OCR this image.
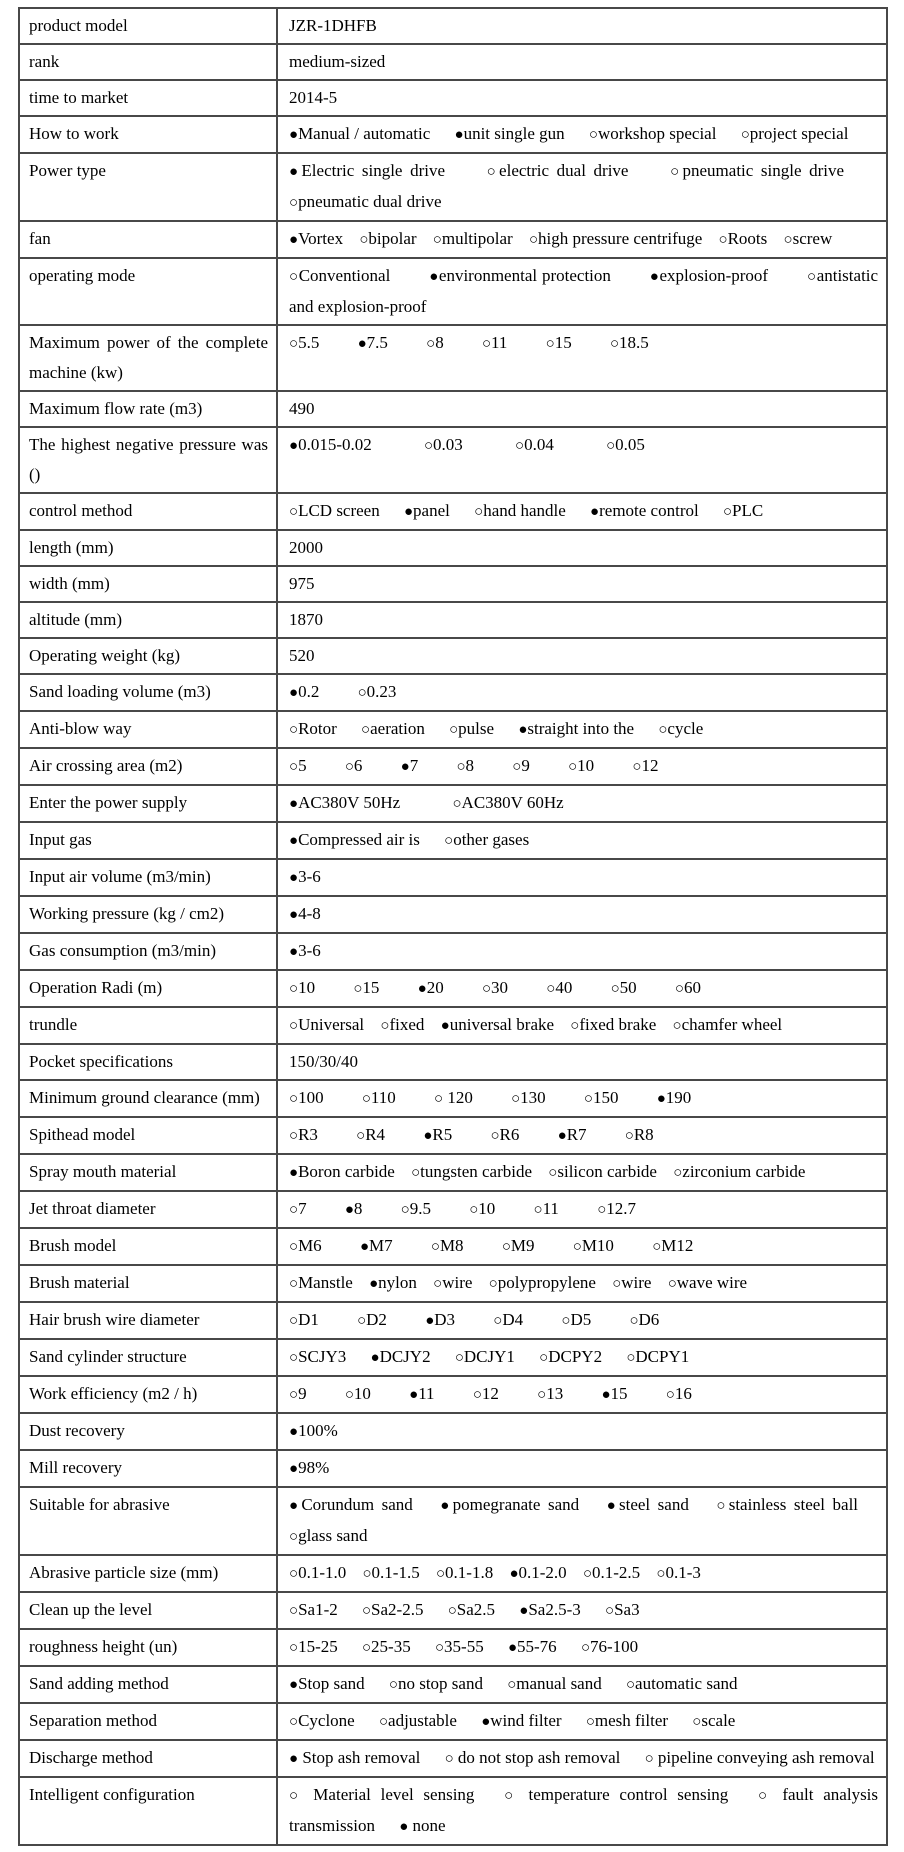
product model	JZR-1DHFB
rank	medium-sized
time to market	2014-5
How to work	●Manual / automatic ●unit single gun ○workshop special ○project special
Power type	●Electric single drive ○electric dual drive ○pneumatic single drive ○pneumatic dual drive
fan	●Vortex ○bipolar ○multipolar ○high pressure centrifuge ○Roots ○screw
operating mode	○Conventional ●environmental protection ●explosion-proof ○antistatic and explosion-proof
Maximum power of the complete machine (kw)	○5.5 ●7.5 ○8 ○11 ○15 ○18.5
Maximum flow rate (m3)	490
The highest negative pressure was ()	●0.015-0.02 ○0.03 ○0.04 ○0.05
control method	○LCD screen ●panel ○hand handle ●remote control ○PLC
length (mm)	2000
width (mm)	975
altitude (mm)	1870
Operating weight (kg)	520
Sand loading volume (m3)	●0.2 ○0.23
Anti-blow way	○Rotor ○aeration ○pulse ●straight into the ○cycle
Air crossing area (m2)	○5 ○6 ●7 ○8 ○9 ○10 ○12
Enter the power supply	●AC380V 50Hz ○AC380V 60Hz
Input gas	●Compressed air is ○other gases
Input air volume (m3/min)	●3-6
Working pressure (kg / cm2)	●4-8
Gas consumption (m3/min)	●3-6
Operation Radi (m)	○10 ○15 ●20 ○30 ○40 ○50 ○60
trundle	○Universal ○fixed ●universal brake ○fixed brake ○chamfer wheel
Pocket specifications	150/30/40
Minimum ground clearance (mm)	○100 ○110 ○ 120 ○130 ○150 ●190
Spithead model	○R3 ○R4 ●R5 ○R6 ●R7 ○R8
Spray mouth material	●Boron carbide ○tungsten carbide ○silicon carbide ○zirconium carbide
Jet throat diameter	○7 ●8 ○9.5 ○10 ○11 ○12.7
Brush model	○M6 ●M7 ○M8 ○M9 ○M10 ○M12
Brush material	○Manstle ●nylon ○wire ○polypropylene ○wire ○wave wire
Hair brush wire diameter	○D1 ○D2 ●D3 ○D4 ○D5 ○D6
Sand cylinder structure	○SCJY3 ●DCJY2 ○DCJY1 ○DCPY2 ○DCPY1
Work efficiency (m2 / h)	○9 ○10 ●11 ○12 ○13 ●15 ○16
Dust recovery	●100%
Mill recovery	●98%
Suitable for abrasive	●Corundum sand ●pomegranate sand ●steel sand ○stainless steel ball ○glass sand
Abrasive particle size (mm)	○0.1-1.0 ○0.1-1.5 ○0.1-1.8 ●0.1-2.0 ○0.1-2.5 ○0.1-3
Clean up the level	○Sa1-2 ○Sa2-2.5 ○Sa2.5 ●Sa2.5-3 ○Sa3
roughness height (un)	○15-25 ○25-35 ○35-55 ●55-76 ○76-100
Sand adding method	●Stop sand ○no stop sand ○manual sand ○automatic sand
Separation method	○Cyclone ○adjustable ●wind filter ○mesh filter ○scale
Discharge method	● Stop ash removal ○ do not stop ash removal ○ pipeline conveying ash removal
Intelligent configuration	○ Material level sensing ○ temperature control sensing ○ fault analysis transmission ● none
